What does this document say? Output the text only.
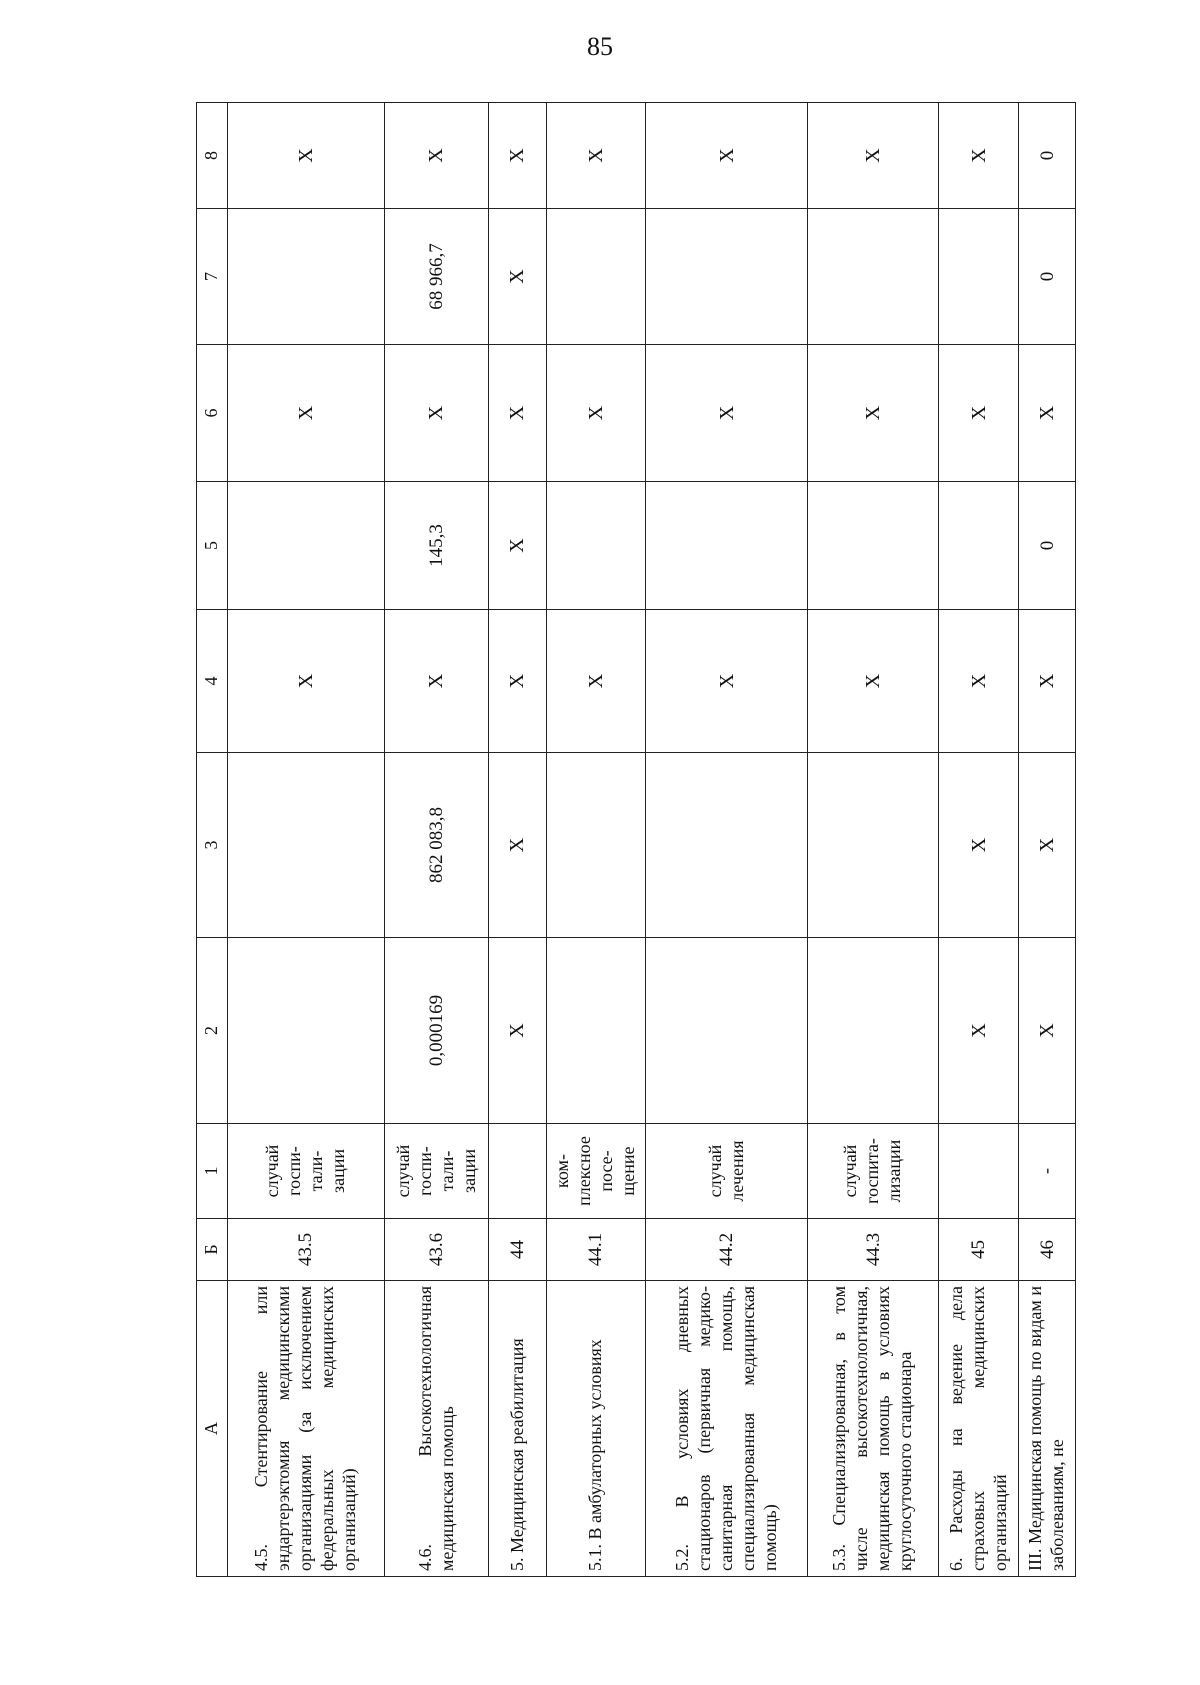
85
А	Б	1	2	3	4	5	6	7	8
4.5. Стентирование или эндартерэктомия медицинскими организациями (за исключением федеральных медицинских организаций)	43.5	случай госпи-тали-зации			X		X		X
4.6. Высокотехнологичная медицинская помощь	43.6	случай госпи-тали-зации	0,000169	862 083,8	X	145,3	X	68 966,7	X
5. Медицинская реабилитация	44		X	X	X	X	X	X	X
5.1. В амбулаторных условиях	44.1	ком-плексное посе-щение			X		X		X
5.2. В условиях дневных стационаров (первичная медико-санитарная помощь, специализированная медицинская помощь)	44.2	случай лечения			X		X		X
5.3. Специализированная, в том числе высокотехнологичная, медицинская помощь в условиях круглосуточного стационара	44.3	случай госпита-лизации			X		X		X
6. Расходы на ведение дела страховых медицинских организаций	45		X	X	X		X		X
III. Медицинская помощь по видам и заболеваниям, не	46	-	X	X	X	0	X	0	0
